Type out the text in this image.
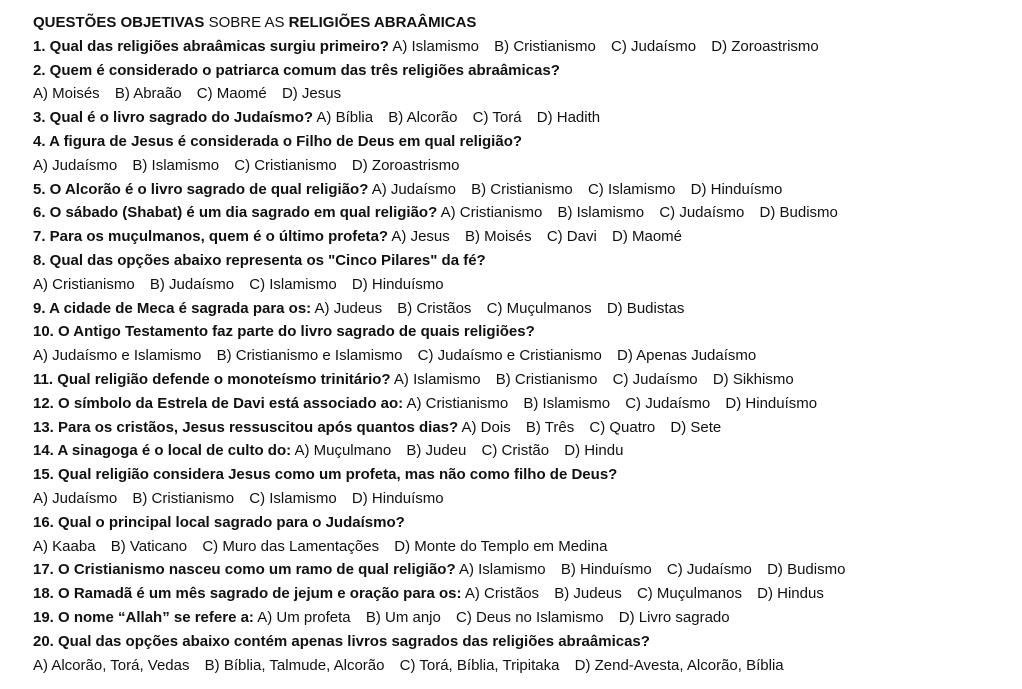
QUESTÕES OBJETIVAS SOBRE AS RELIGIÕES ABRAÂMICAS
1. Qual das religiões abraâmicas surgiu primeiro? A) Islamismo B) Cristianismo C) Judaísmo D) Zoroastrismo
2. Quem é considerado o patriarca comum das três religiões abraâmicas?
A) Moisés B) Abraão C) Maomé D) Jesus
3. Qual é o livro sagrado do Judaísmo? A) Bíblia B) Alcorão C) Torá D) Hadith
4. A figura de Jesus é considerada o Filho de Deus em qual religião?
A) Judaísmo B) Islamismo C) Cristianismo D) Zoroastrismo
5. O Alcorão é o livro sagrado de qual religião? A) Judaísmo B) Cristianismo C) Islamismo D) Hinduísmo
6. O sábado (Shabat) é um dia sagrado em qual religião? A) Cristianismo B) Islamismo C) Judaísmo D) Budismo
7. Para os muçulmanos, quem é o último profeta? A) Jesus B) Moisés C) Davi D) Maomé
8. Qual das opções abaixo representa os "Cinco Pilares" da fé?
A) Cristianismo B) Judaísmo C) Islamismo D) Hinduísmo
9. A cidade de Meca é sagrada para os: A) Judeus B) Cristãos C) Muçulmanos D) Budistas
10. O Antigo Testamento faz parte do livro sagrado de quais religiões?
A) Judaísmo e Islamismo B) Cristianismo e Islamismo C) Judaísmo e Cristianismo D) Apenas Judaísmo
11. Qual religião defende o monoteísmo trinitário? A) Islamismo B) Cristianismo C) Judaísmo D) Sikhismo
12. O símbolo da Estrela de Davi está associado ao: A) Cristianismo B) Islamismo C) Judaísmo D) Hinduísmo
13. Para os cristãos, Jesus ressuscitou após quantos dias? A) Dois B) Três C) Quatro D) Sete
14. A sinagoga é o local de culto do: A) Muçulmano B) Judeu C) Cristão D) Hindu
15. Qual religião considera Jesus como um profeta, mas não como filho de Deus?
A) Judaísmo B) Cristianismo C) Islamismo D) Hinduísmo
16. Qual o principal local sagrado para o Judaísmo?
A) Kaaba B) Vaticano C) Muro das Lamentações D) Monte do Templo em Medina
17. O Cristianismo nasceu como um ramo de qual religião? A) Islamismo B) Hinduísmo C) Judaísmo D) Budismo
18. O Ramadã é um mês sagrado de jejum e oração para os: A) Cristãos B) Judeus C) Muçulmanos D) Hindus
19. O nome “Allah” se refere a: A) Um profeta B) Um anjo C) Deus no Islamismo D) Livro sagrado
20. Qual das opções abaixo contém apenas livros sagrados das religiões abraâmicas?
A) Alcorão, Torá, Vedas B) Bíblia, Talmude, Alcorão C) Torá, Bíblia, Tripitaka D) Zend-Avesta, Alcorão, Bíblia
